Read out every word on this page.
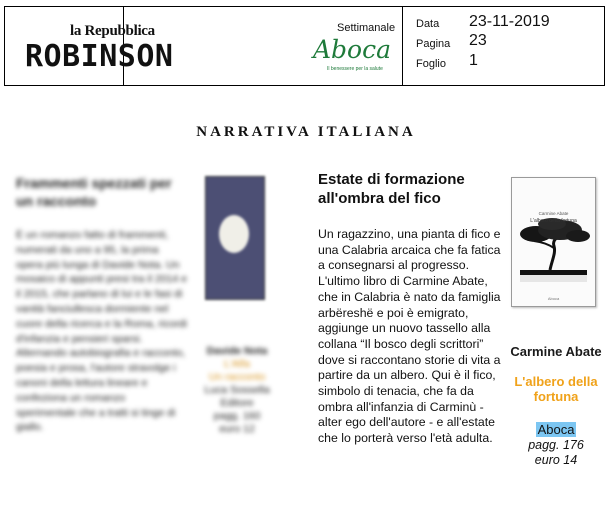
la Repubblica
ROBINSON
Settimanale
Aboca
Il benessere per la salute
Data 23-11-2019
Pagina 23
Foglio 1
NARRATIVA ITALIANA
Frammenti spezzati per un racconto
È un romanzo fatto di frammenti, numerati da uno a 95, la prima opera più lunga di Davide Nota. Un mosaico di appunti presi tra il 2014 e il 2015, che parlano di lui e le fasi di vanità fanciullesca dormiente nel cuore della ricerca e la Roma, ricordi d'infanzia e pensieri sparsi. Alternando autobiografia e racconto, poesia e prosa, l'autore stravolge i canoni della lettura lineare e confeziona un romanzo sperimentale che a tratti si tinge di giallo.
Davide Nota
L'Alfa
Un racconto
Luca Sossella Editore
pagg. 160
euro 12
Estate di formazione all'ombra del fico
Un ragazzino, una pianta di fico e una Calabria arcaica che fa fatica a consegnarsi al progresso. L'ultimo libro di Carmine Abate, che in Calabria è nato da famiglia arbëreshë e poi è emigrato, aggiunge un nuovo tassello alla collana “Il bosco degli scrittori” dove si raccontano storie di vita a partire da un albero. Qui è il fico, simbolo di tenacia, che fa da ombra all'infanzia di Carminù - alter ego dell'autore - e all'estate che lo porterà verso l'età adulta.
Carmine Abate
L'albero della fortuna
Aboca
Carmine Abate
L'albero della fortuna
Aboca
pagg. 176
euro 14
